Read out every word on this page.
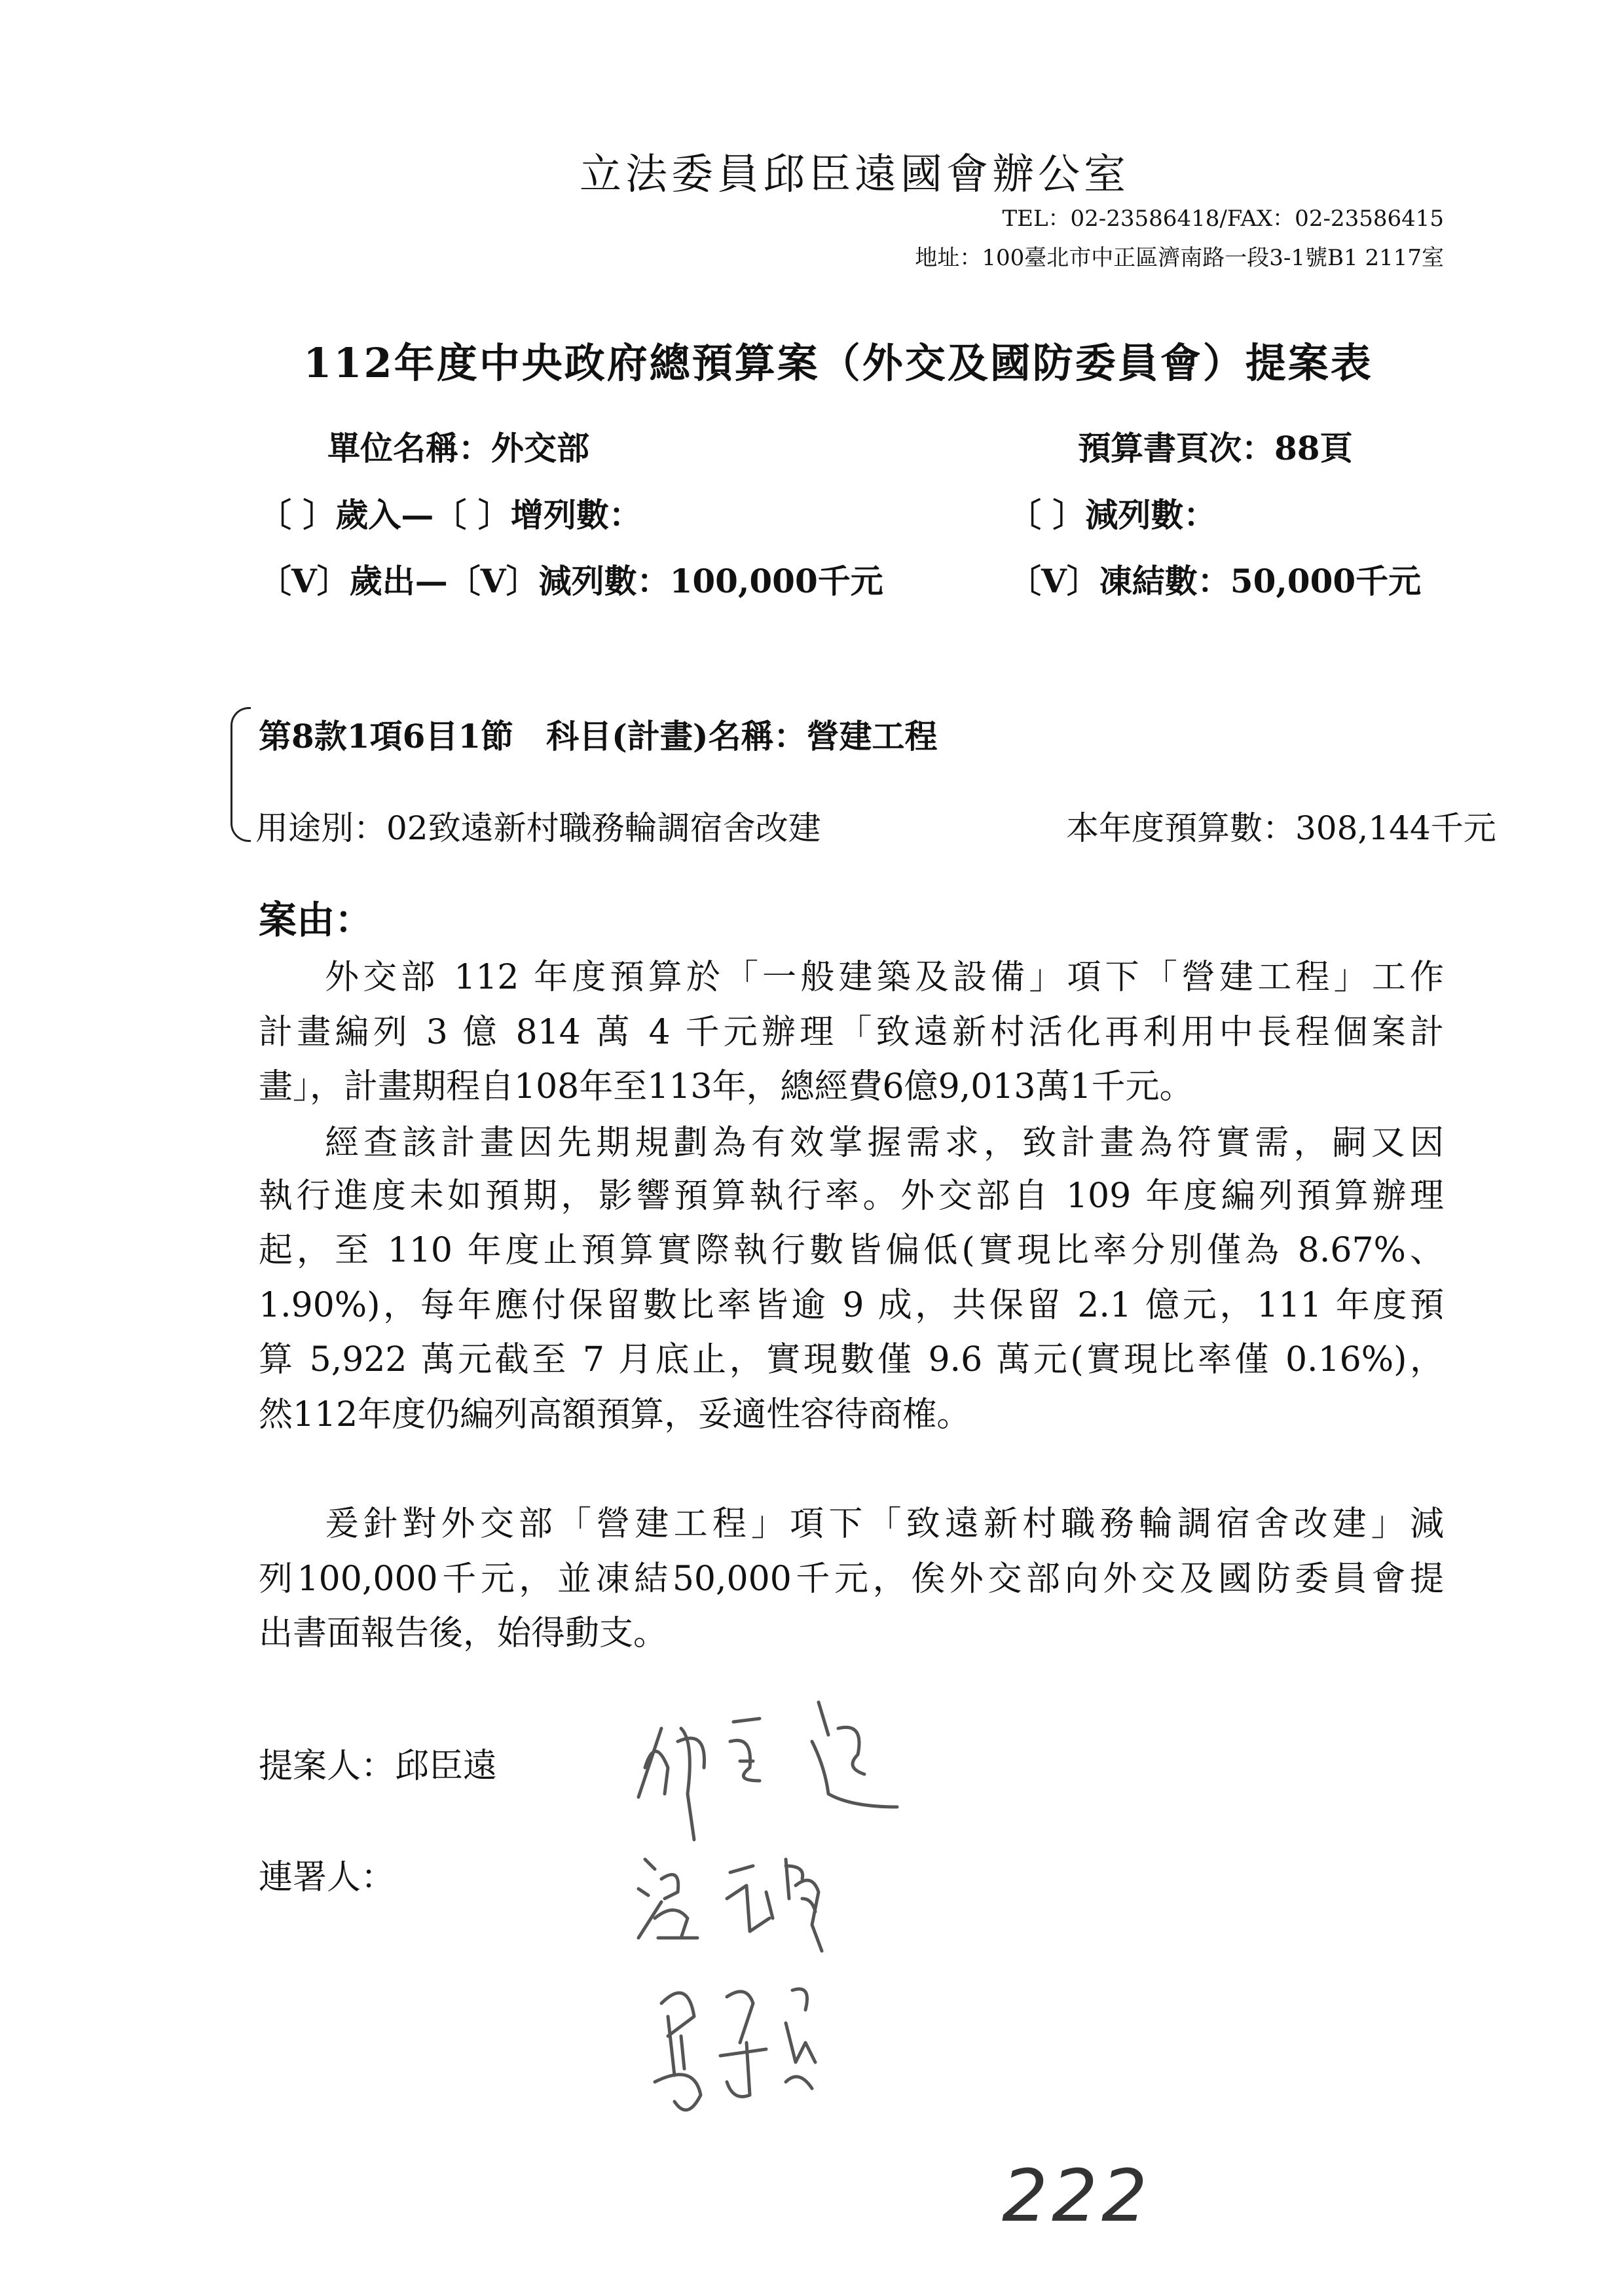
立法委員邱臣遠國會辦公室
TEL：02-23586418/FAX：02-23586415
地址：100臺北市中正區濟南路一段3-1號B1 2117室
112年度中央政府總預算案（外交及國防委員會）提案表
單位名稱：外交部	預算書頁次：88頁
〔 〕歲入—〔 〕增列數：	〔 〕減列數：
〔V〕歲出—〔V〕減列數：100,000千元	〔V〕凍結數：50,000千元
第8款1項6目1節　科目(計畫)名稱：營建工程
用途別：02致遠新村職務輪調宿舍改建	本年度預算數：308,144千元
案由：
外交部 112 年度預算於「一般建築及設備」項下「營建工程」工作
計畫編列 3 億 814 萬 4 千元辦理「致遠新村活化再利用中長程個案計
畫」，計畫期程自108年至113年，總經費6億9,013萬1千元。
經查該計畫因先期規劃為有效掌握需求，致計畫為符實需，嗣又因
執行進度未如預期，影響預算執行率。外交部自 109 年度編列預算辦理
起，至 110 年度止預算實際執行數皆偏低(實現比率分別僅為 8.67%、
1.90%)，每年應付保留數比率皆逾 9 成，共保留 2.1 億元，111 年度預
算 5,922 萬元截至 7 月底止，實現數僅 9.6 萬元(實現比率僅 0.16%)，
然112年度仍編列高額預算，妥適性容待商榷。
爰針對外交部「營建工程」項下「致遠新村職務輪調宿舍改建」減
列100,000千元，並凍結50,000千元，俟外交部向外交及國防委員會提
出書面報告後，始得動支。
提案人：邱臣遠
連署人：
222
